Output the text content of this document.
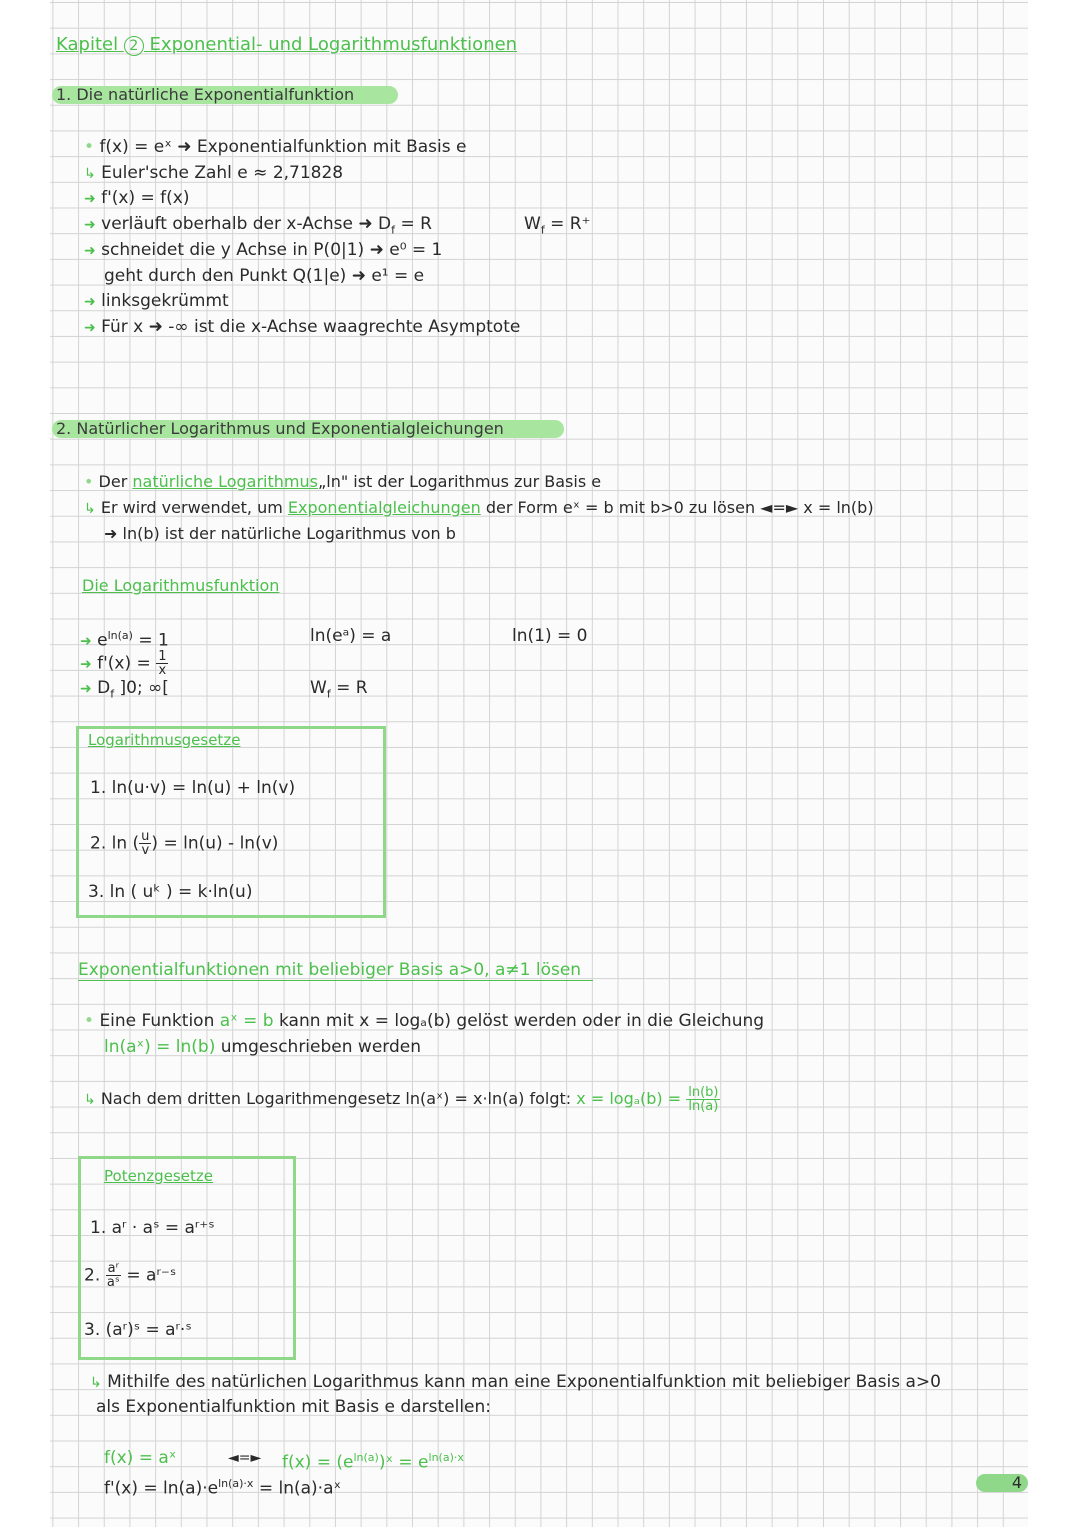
Kapitel 2 Exponential- und Logarithmusfunktionen
1. Die natürliche Exponentialfunktion
• f(x) = eˣ ➜ Exponentialfunktion mit Basis e
↳ Euler'sche Zahl e ≈ 2,71828
➜ f'(x) = f(x)
➜ verläuft oberhalb der x-Achse ➜ $D_f = R$	$W_f = R^+$
➜ schneidet die y Achse in P(0|1) ➜ e⁰ = 1
geht durch den Punkt Q(1|e) ➜ e¹ = e
➜ linksgekrümmt
➜ Für x ➜ -∞ ist die x-Achse waagrechte Asymptote
2. Natürlicher Logarithmus und Exponentialgleichungen
• Der natürliche Logarithmus„ln" ist der Logarithmus zur Basis e
↳ Er wird verwendet, um Exponentialgleichungen der Form eˣ = b mit b>0 zu lösen ◄=► x = ln(b)
➜ ln(b) ist der natürliche Logarithmus von b
Die Logarithmusfunktion
➜ $e^{ln(a)} = 1$	ln(eᵃ) = a	ln(1) = 0
➜ $f'(x) = \frac{1}{x}$
➜ $D_f$ ]0; ∞[	$W_f = R$
Logarithmusgesetze
1. ln(u·v) = ln(u) + ln(v)
2. ln ( $\frac{u}{v}$ ) = ln(u) - ln(v)
3. ln ( uᵏ ) = k·ln(u)
Exponentialfunktionen mit beliebiger Basis a>0, a≠1 lösen
• Eine Funktion aˣ = b kann mit x = logₐ(b) gelöst werden oder in die Gleichung
ln(aˣ) = ln(b) umgeschrieben werden
↳ Nach dem dritten Logarithmengesetz ln(aˣ) = x·ln(a) folgt: $x = \log_a(b) = \frac{\ln(b)}{\ln(a)}$
Potenzgesetze
1. aʳ · aˢ = aʳ⁺ˢ
2. $\frac{\text{aʳ}}{\text{aˢ}}$ = aʳ⁻ˢ
3. (aʳ)ˢ = aʳ·ˢ
↳ Mithilfe des natürlichen Logarithmus kann man eine Exponentialfunktion mit beliebiger Basis a>0
als Exponentialfunktion mit Basis e darstellen:
f(x) = aˣ	◄=► $f(x) = (e^{ln(a)})ˣ = e^{ln(a)\cdot x}$
$f'(x) = \ln(a)\cdot e^{ln(a)\cdot x}$ = ln(a)·aˣ	4
